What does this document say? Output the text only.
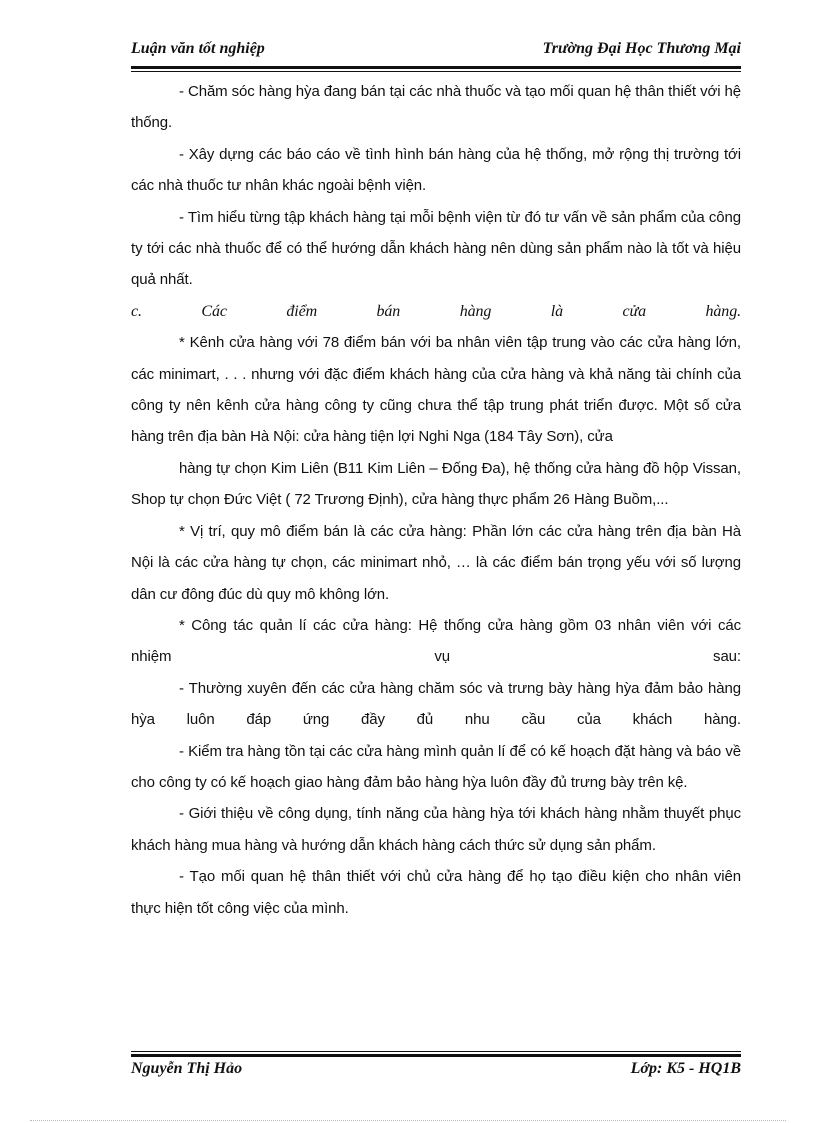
Luận văn tốt nghiệp	Trường Đại Học Thương Mại

- Chăm sóc hàng hỳa đang bán tại các nhà thuốc và tạo mối quan hệ thân thiết với hệ thống.

- Xây dựng các báo cáo về tình hình bán hàng của hệ thống, mở rộng thị trường tới các nhà thuốc tư nhân khác ngoài bệnh viện.

- Tìm hiểu từng tập khách hàng tại mỗi bệnh viện từ đó tư vấn về sản phẩm của công ty tới các nhà thuốc để có thể hướng dẫn khách hàng nên dùng sản phẩm nào là tốt và hiệu quả nhất.

c. Các điểm bán hàng là cửa hàng.

* Kênh cửa hàng với 78 điểm bán với ba nhân viên tập trung vào các cửa hàng lớn, các minimart, . . . nhưng với đặc điểm khách hàng của cửa hàng và khả năng tài chính của công ty nên kênh cửa hàng công ty cũng chưa thể tập trung phát triển được. Một số cửa hàng trên địa bàn Hà Nội: cửa hàng tiện lợi Nghi Nga (184 Tây Sơn), cửa

hàng tự chọn Kim Liên (B11 Kim Liên – Đống Đa), hệ thống cửa hàng đồ hộp Vissan, Shop tự chọn Đức Việt ( 72 Trương Định), cửa hàng thực phẩm 26 Hàng Buồm,...

* Vị trí, quy mô điểm bán là các cửa hàng: Phần lớn các cửa hàng trên địa bàn Hà Nội là các cửa hàng tự chọn, các minimart nhỏ, … là các điểm bán trọng yếu với số lượng dân cư đông đúc dù quy mô không lớn.

* Công tác quản lí các cửa hàng: Hệ thống cửa hàng gồm 03 nhân viên với các nhiệm vụ sau:

- Thường xuyên đến các cửa hàng chăm sóc và trưng bày hàng hỳa đảm bảo hàng hỳa luôn đáp ứng đầy đủ nhu cầu của khách hàng.

- Kiểm tra hàng tồn tại các cửa hàng mình quản lí để có kế hoạch đặt hàng và báo về cho công ty có kế hoạch giao hàng đảm bảo hàng hỳa luôn đầy đủ trưng bày trên kệ.

- Giới thiệu về công dụng, tính năng của hàng hỳa tới khách hàng nhằm thuyết phục khách hàng mua hàng và hướng dẫn khách hàng cách thức sử dụng sản phẩm.

- Tạo mối quan hệ thân thiết với chủ cửa hàng để họ tạo điều kiện cho nhân viên thực hiện tốt công việc của mình.

Nguyễn Thị Hảo	Lớp: K5 - HQ1B
